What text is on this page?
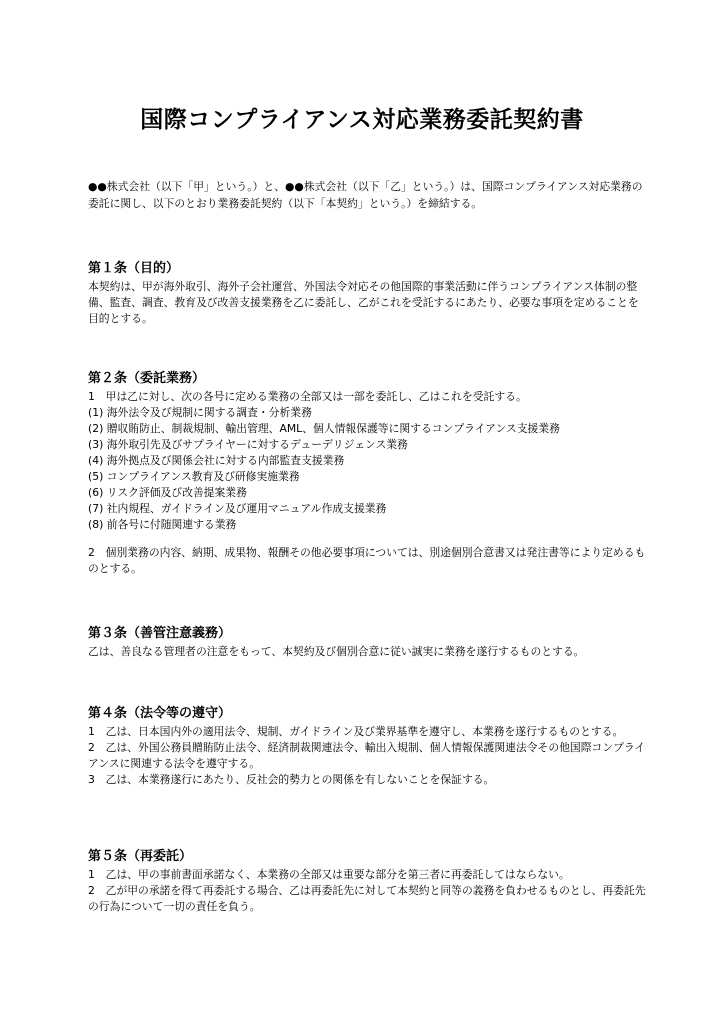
国際コンプライアンス対応業務委託契約書

●●株式会社（以下「甲」という。）と、●●株式会社（以下「乙」という。）は、国際コンプライアンス対応業務の委託に関し、以下のとおり業務委託契約（以下「本契約」という。）を締結する。

第１条（目的）

本契約は、甲が海外取引、海外子会社運営、外国法令対応その他国際的事業活動に伴うコンプライアンス体制の整備、監査、調査、教育及び改善支援業務を乙に委託し、乙がこれを受託するにあたり、必要な事項を定めることを目的とする。

第２条（委託業務）

1　甲は乙に対し、次の各号に定める業務の全部又は一部を委託し、乙はこれを受託する。

(1) 海外法令及び規制に関する調査・分析業務

(2) 贈収賄防止、制裁規制、輸出管理、AML、個人情報保護等に関するコンプライアンス支援業務

(3) 海外取引先及びサプライヤーに対するデューデリジェンス業務

(4) 海外拠点及び関係会社に対する内部監査支援業務

(5) コンプライアンス教育及び研修実施業務

(6) リスク評価及び改善提案業務

(7) 社内規程、ガイドライン及び運用マニュアル作成支援業務

(8) 前各号に付随関連する業務

2　個別業務の内容、納期、成果物、報酬その他必要事項については、別途個別合意書又は発注書等により定めるものとする。

第３条（善管注意義務）

乙は、善良なる管理者の注意をもって、本契約及び個別合意に従い誠実に業務を遂行するものとする。

第４条（法令等の遵守）

1　乙は、日本国内外の適用法令、規制、ガイドライン及び業界基準を遵守し、本業務を遂行するものとする。

2　乙は、外国公務員贈賄防止法令、経済制裁関連法令、輸出入規制、個人情報保護関連法令その他国際コンプライアンスに関連する法令を遵守する。

3　乙は、本業務遂行にあたり、反社会的勢力との関係を有しないことを保証する。

第５条（再委託）

1　乙は、甲の事前書面承諾なく、本業務の全部又は重要な部分を第三者に再委託してはならない。

2　乙が甲の承諾を得て再委託する場合、乙は再委託先に対して本契約と同等の義務を負わせるものとし、再委託先の行為について一切の責任を負う。
